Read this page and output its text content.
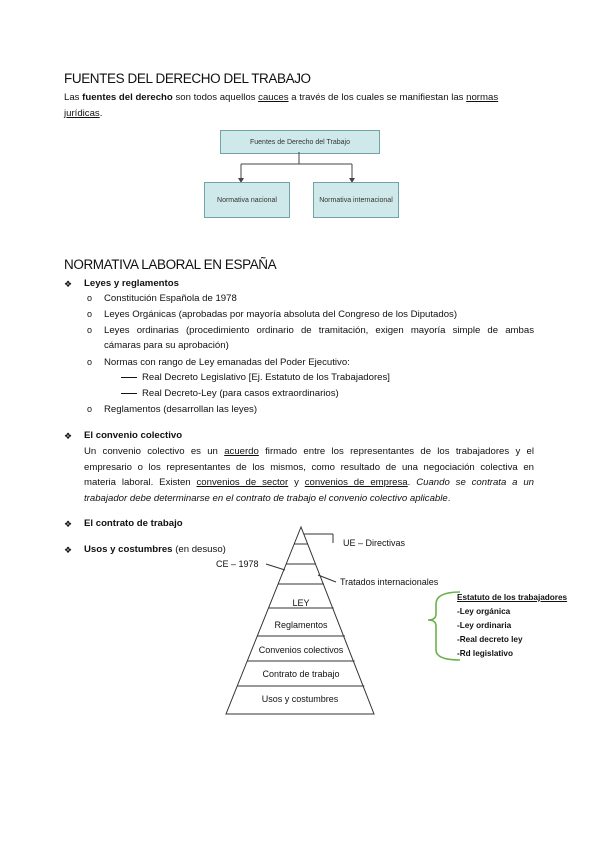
FUENTES DEL DERECHO DEL TRABAJO
Las fuentes del derecho son todos aquellos cauces a través de los cuales se manifiestan las normas
jurídicas.
Fuentes de Derecho del Trabajo
Normativa nacional	Normativa internacional
NORMATIVA LABORAL EN ESPAÑA
❖ Leyes y reglamentos
o Constitución Española de 1978
o Leyes Orgánicas (aprobadas por mayoría absoluta del Congreso de los Diputados)
o Leyes ordinarias (procedimiento ordinario de tramitación, exigen mayoría simple de ambas
cámaras para su aprobación)
o Normas con rango de Ley emanadas del Poder Ejecutivo:
Real Decreto Legislativo [Ej. Estatuto de los Trabajadores]
Real Decreto-Ley (para casos extraordinarios)
o Reglamentos (desarrollan las leyes)
❖ El convenio colectivo
Un convenio colectivo es un acuerdo firmado entre los representantes de los trabajadores y el
empresario o los representantes de los mismos, como resultado de una negociación colectiva en
materia laboral. Existen convenios de sector y convenios de empresa. Cuando se contrata a un
trabajador debe determinarse en el contrato de trabajo el convenio colectivo aplicable.
❖ El contrato de trabajo
❖ Usos y costumbres (en desuso)
LEY
Reglamentos
Convenios colectivos
Contrato de trabajo
Usos y costumbres
UE – Directivas
CE – 1978
Tratados internacionales
Estatuto de los trabajadores
-Ley orgánica
-Ley ordinaria
-Real decreto ley
-Rd legislativo
